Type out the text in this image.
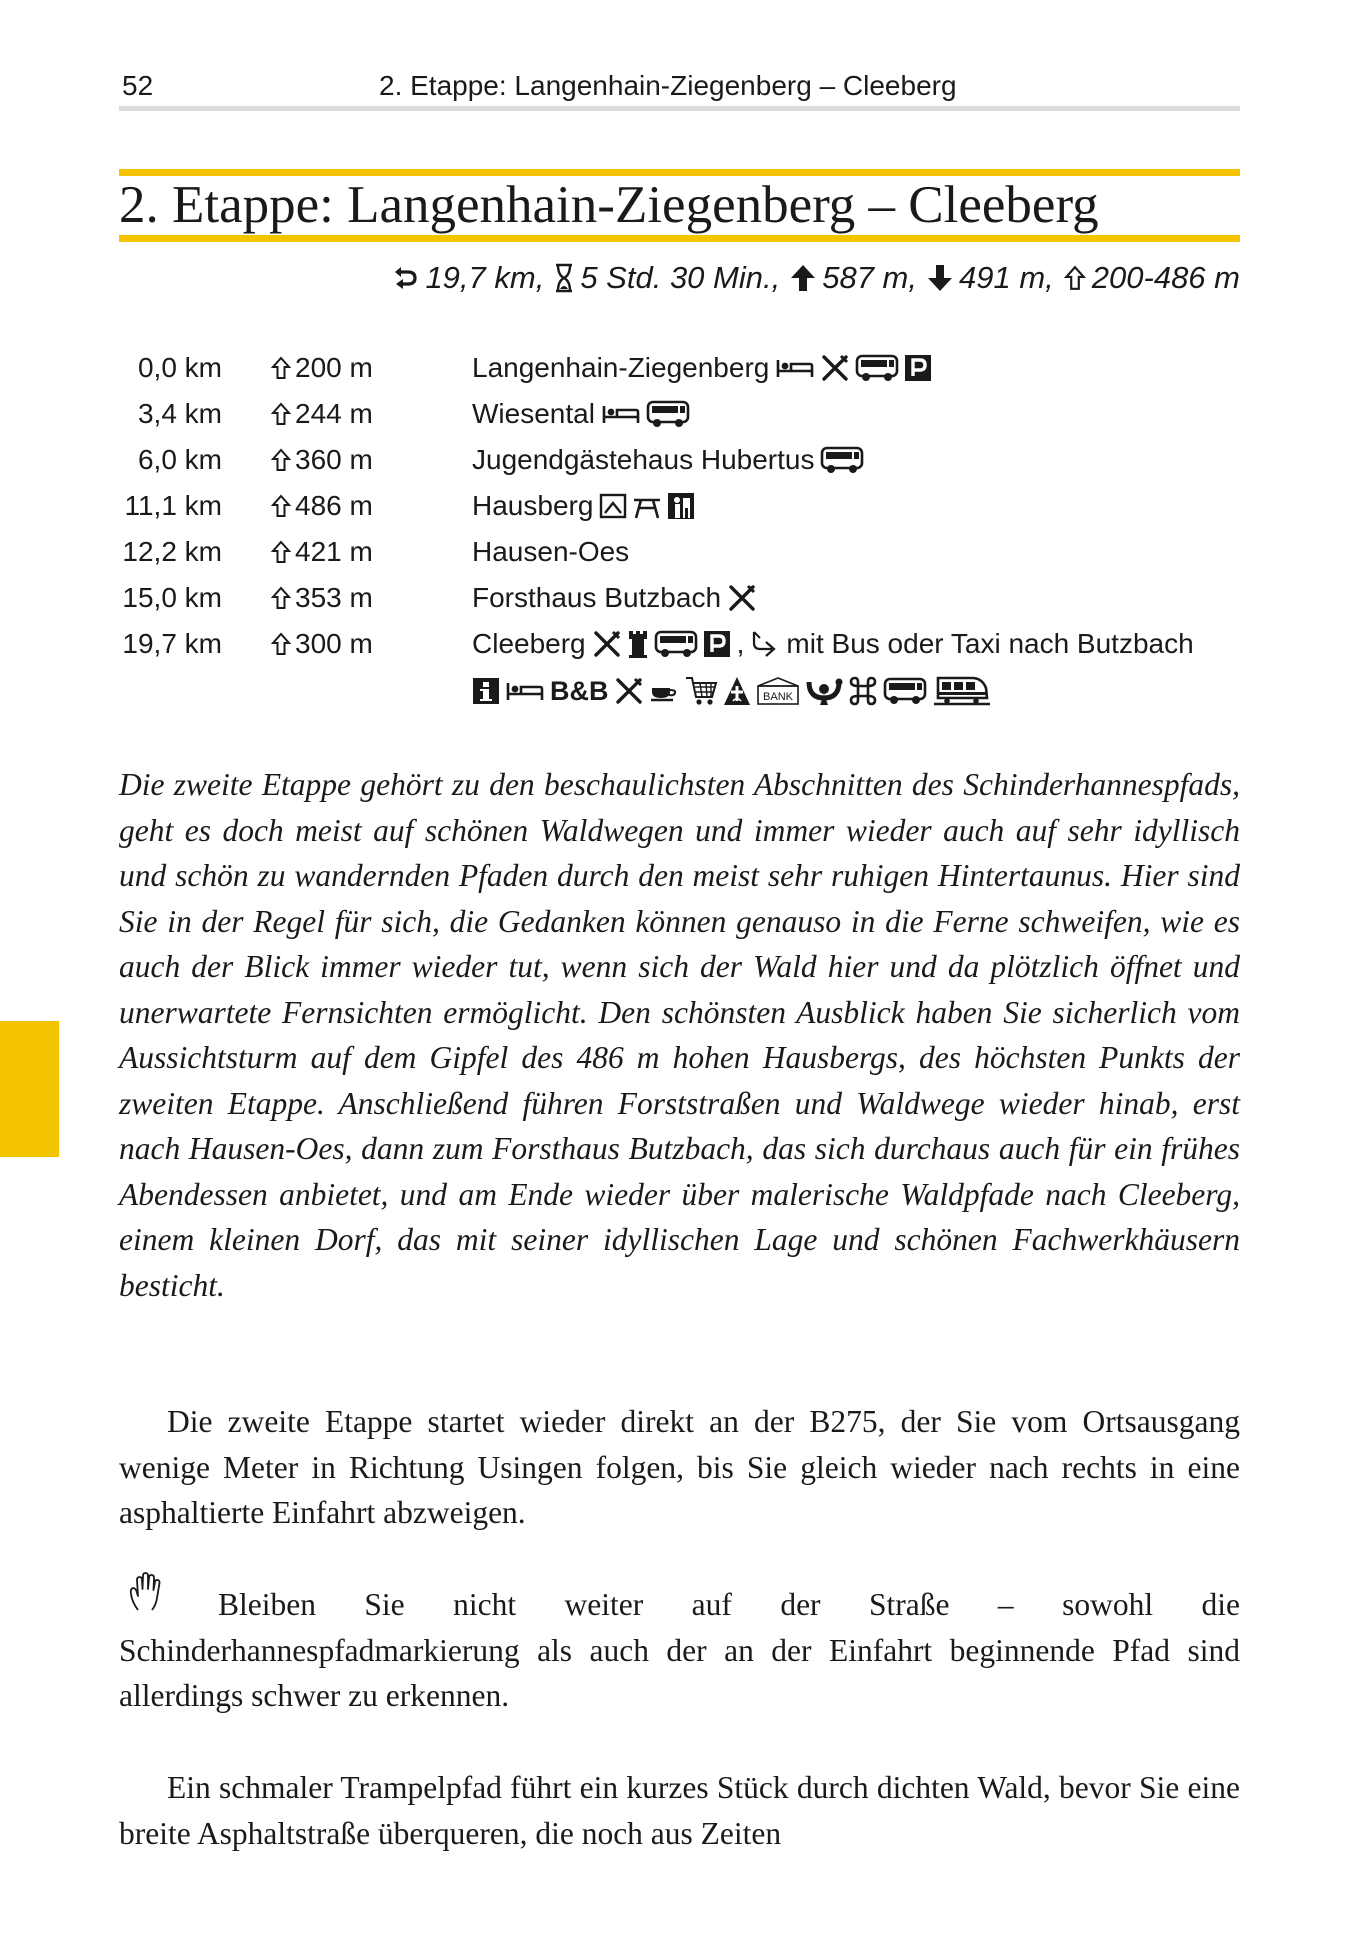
52	2. Etappe: Langenhain-Ziegenberg – Cleeberg
2. Etappe: Langenhain-Ziegenberg – Cleeberg
19,7 km, 5 Std. 30 Min., 587 m, 491 m, 200-486 m
0,0 km	200 m	Langenhain-Ziegenberg
3,4 km	244 m	Wiesental
6,0 km	360 m	Jugendgästehaus Hubertus
11,1 km	486 m	Hausberg
12,2 km	421 m	Hausen-Oes
15,0 km	353 m	Forsthaus Butzbach
19,7 km	300 m	Cleeberg	, mit Bus oder Taxi nach Butzbach
B&B	BANK

Die zweite Etappe gehört zu den beschaulichsten Abschnitten des Schinderhannespfads, geht es doch meist auf schönen Waldwegen und immer wieder auch auf sehr idyllisch und schön zu wandernden Pfaden durch den meist sehr ruhigen Hintertaunus. Hier sind Sie in der Regel für sich, die Gedanken können genauso in die Ferne schweifen, wie es auch der Blick immer wieder tut, wenn sich der Wald hier und da plötzlich öffnet und unerwartete Fernsichten ermöglicht. Den schönsten Ausblick haben Sie sicherlich vom Aussichtsturm auf dem Gipfel des 486 m hohen Hausbergs, des höchsten Punkts der zweiten Etappe. Anschließend führen Forststraßen und Waldwege wieder hinab, erst nach Hausen-Oes, dann zum Forsthaus Butzbach, das sich durchaus auch für ein frühes Abendessen anbietet, und am Ende wieder über malerische Waldpfade nach Cleeberg, einem kleinen Dorf, das mit seiner idyllischen Lage und schönen Fachwerkhäusern besticht.

Die zweite Etappe startet wieder direkt an der B275, der Sie vom Ortsausgang wenige Meter in Richtung Usingen folgen, bis Sie gleich wieder nach rechts in eine asphaltierte Einfahrt abzweigen.

Bleiben Sie nicht weiter auf der Straße – sowohl die Schinderhannespfadmarkierung als auch der an der Einfahrt beginnende Pfad sind allerdings schwer zu erkennen.

Ein schmaler Trampelpfad führt ein kurzes Stück durch dichten Wald, bevor Sie eine breite Asphaltstraße überqueren, die noch aus Zeiten
